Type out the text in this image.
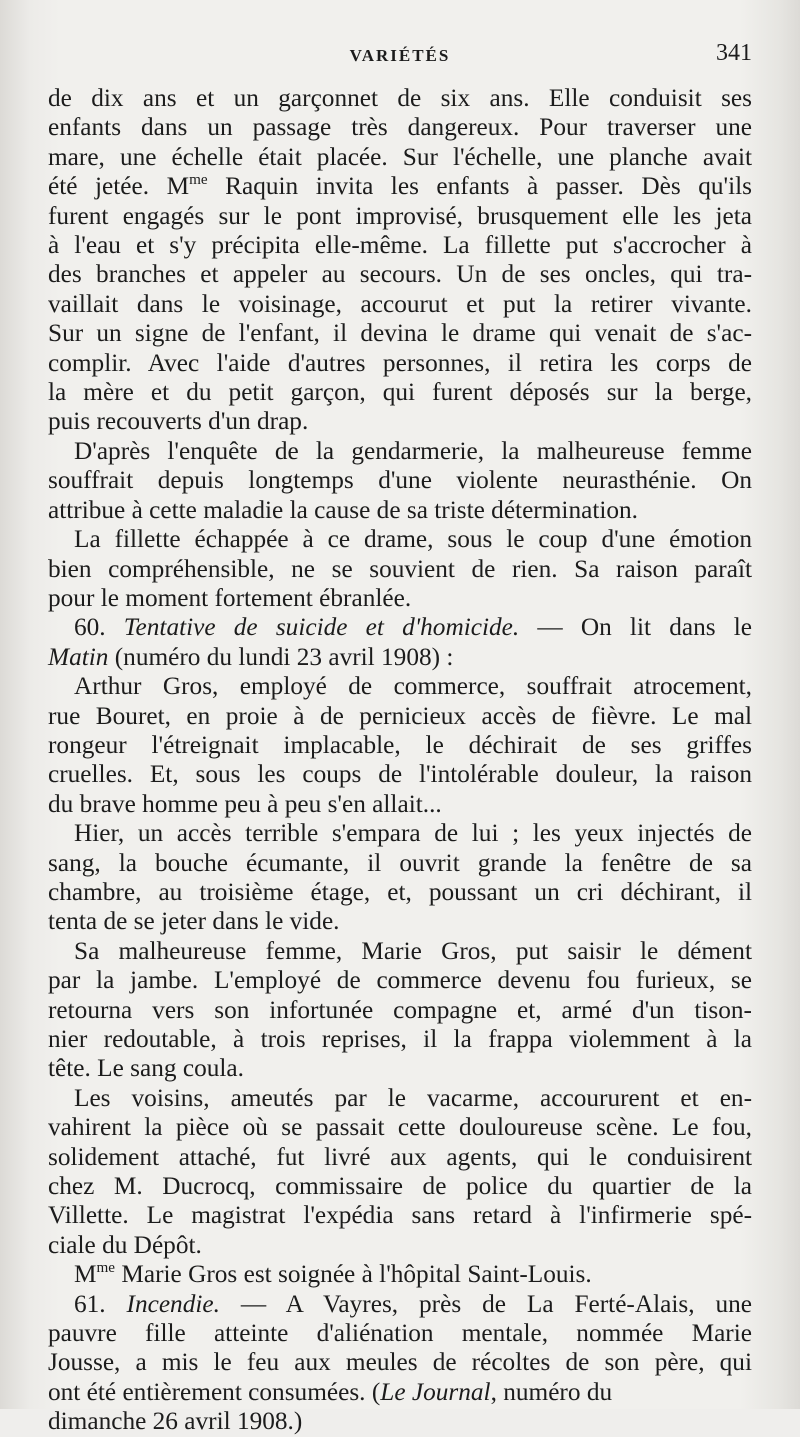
VARIÉTÉS	341
de dix ans et un garçonnet de six ans. Elle conduisit ses
enfants dans un passage très dangereux. Pour traverser une
mare, une échelle était placée. Sur l'échelle, une planche avait
été jetée. $M^{me}$ Raquin invita les enfants à passer. Dès qu'ils
furent engagés sur le pont improvisé, brusquement elle les jeta
à l'eau et s'y précipita elle-même. La fillette put s'accrocher à
des branches et appeler au secours. Un de ses oncles, qui tra-
vaillait dans le voisinage, accourut et put la retirer vivante.
Sur un signe de l'enfant, il devina le drame qui venait de s'ac-
complir. Avec l'aide d'autres personnes, il retira les corps de
la mère et du petit garçon, qui furent déposés sur la berge,
puis recouverts d'un drap.
D'après l'enquête de la gendarmerie, la malheureuse femme
souffrait depuis longtemps d'une violente neurasthénie. On
attribue à cette maladie la cause de sa triste détermination.
La fillette échappée à ce drame, sous le coup d'une émotion
bien compréhensible, ne se souvient de rien. Sa raison paraît
pour le moment fortement ébranlée.
60. Tentative de suicide et d'homicide. — On lit dans le
Matin (numéro du lundi 23 avril 1908) :
Arthur Gros, employé de commerce, souffrait atrocement,
rue Bouret, en proie à de pernicieux accès de fièvre. Le mal
rongeur l'étreignait implacable, le déchirait de ses griffes
cruelles. Et, sous les coups de l'intolérable douleur, la raison
du brave homme peu à peu s'en allait...
Hier, un accès terrible s'empara de lui ; les yeux injectés de
sang, la bouche écumante, il ouvrit grande la fenêtre de sa
chambre, au troisième étage, et, poussant un cri déchirant, il
tenta de se jeter dans le vide.
Sa malheureuse femme, Marie Gros, put saisir le dément
par la jambe. L'employé de commerce devenu fou furieux, se
retourna vers son infortunée compagne et, armé d'un tison-
nier redoutable, à trois reprises, il la frappa violemment à la
tête. Le sang coula.
Les voisins, ameutés par le vacarme, accoururent et en-
vahirent la pièce où se passait cette douloureuse scène. Le fou,
solidement attaché, fut livré aux agents, qui le conduisirent
chez M. Ducrocq, commissaire de police du quartier de la
Villette. Le magistrat l'expédia sans retard à l'infirmerie spé-
ciale du Dépôt.
$M^{me}$ Marie Gros est soignée à l'hôpital Saint-Louis.
61. Incendie. — A Vayres, près de La Ferté-Alais, une
pauvre fille atteinte d'aliénation mentale, nommée Marie
Jousse, a mis le feu aux meules de récoltes de son père, qui
ont été entièrement consumées. (Le Journal, numéro du
dimanche 26 avril 1908.)
